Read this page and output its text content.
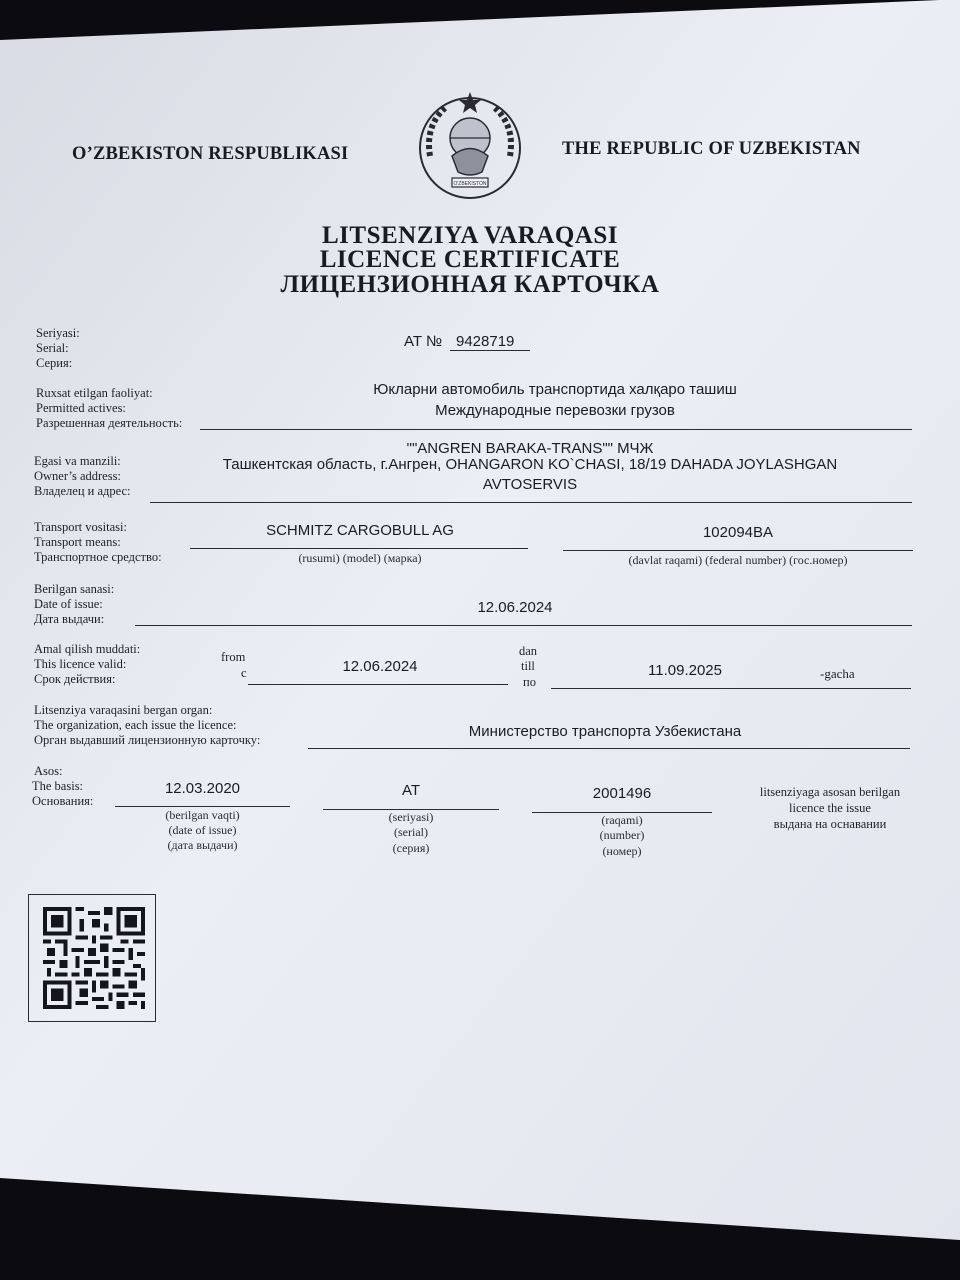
O'ZBEKISTON
O’ZBEKISTON RESPUBLIKASI	THE REPUBLIC OF UZBEKISTAN
LITSENZIYA VARAQASI
LICENCE CERTIFICATE
ЛИЦЕНЗИОННАЯ КАРТОЧКА
Seriyasi:
Serial:
Серия:
AT № 9428719
Ruxsat etilgan faoliyat:
Permitted actives:
Разрешенная деятельность:
Юкларни автомобиль транспортида халқаро ташиш
Международные перевозки грузов
Egasi va manzili:
Owner’s address:
Владелец и адрес:
""ANGREN BARAKA-TRANS"" МЧЖ
Ташкентская область, г.Ангрен, OHANGARON KO`CHASI, 18/19 DAHADA JOYLASHGAN
AVTOSERVIS
Transport vositasi:
Transport means:
Транспортное средство:
SCHMITZ CARGOBULL AG
(rusumi) (model) (марка)
102094BA
(davlat raqami) (federal number) (гос.номер)
Berilgan sanasi:
Date of issue:
Дата выдачи:
12.06.2024
Amal qilish muddati:
This licence valid:
Срок действия:
from
с	12.06.2024
dan
till
по
11.09.2025	-gacha
Litsenziya varaqasini bergan organ:
The organization, each issue the licence:
Орган выдавший лицензионную карточку:	Министерство транспорта Узбекистана
Asos:
The basis:
Основания:
12.03.2020
(berilgan vaqti)
(date of issue)
(дата выдачи)
AT
(seriyasi)
(serial)
(серия)
2001496
(raqami)
(number)
(номер)
litsenziyaga asosan berilgan
licence the issue
выдана на оснавании
